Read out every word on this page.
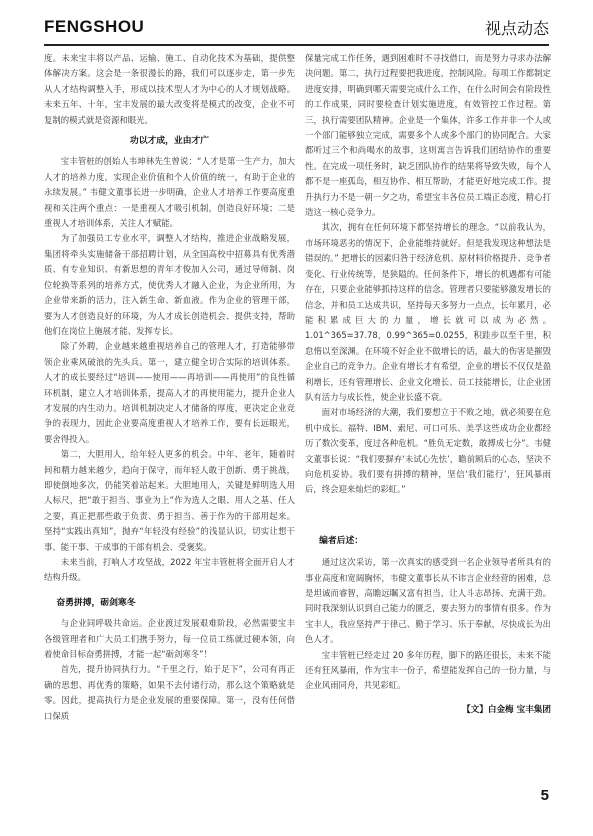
FENGSHOU	视点动态

度。未来宝丰将以产品、运输、施工、自动化技术为基础，提供整体解决方案。这会是一条很漫长的路，我们可以逐步走，第一步先从人才结构调整入手，形成以技术型人才为中心的人才规划战略。未来五年、十年，宝丰发展的最大改变将是模式的改变，企业不可复制的模式就是资源和眼光。

功以才成，业由才广

宝丰管桩的创始人韦坤林先生曾说：“人才是第一生产力，加大人才的培养力度，实现企业价值和个人价值的统一，有助于企业的永续发展。” 韦健文董事长进一步明确，企业人才培养工作要高度重视和关注两个重点：一是重视人才吸引机制，创造良好环境；二是重视人才培训体系，关注人才赋能。

为了加强员工专业水平，调整人才结构，推进企业战略发展，集团将牵头实施储备干部招聘计划，从全国高校中招募具有优秀潜质、有专业知识、有新思想的青年才俊加入公司，通过导师制、岗位轮换等系列的培养方式，使优秀人才融入企业，为企业所用，为企业带来新的活力，注入新生命、新血液。作为企业的管理干部，要为人才创造良好的环境，为人才成长创造机会、提供支持，帮助他们在岗位上施展才能、发挥专长。

除了外聘，企业越来越重视培养自己的管理人才，打造能够带领企业乘风破浪的先头兵。第一，建立健全切合实际的培训体系。人才的成长要经过“培训——使用——再培训——再使用”的良性循环机制，建立人才培训体系，提高人才的再使用能力，提升企业人才发展的内生动力。培训机制决定人才储备的厚度，更决定企业竞争的表现力，因此企业要高度重视人才培养工作，要有长远眼光，要舍得投入。

第二，大胆用人，给年轻人更多的机会。中年、老年，随着时间和精力越来越少，趋向于保守，而年轻人敢于创新、勇于挑战，即使倒地多次，仍能笑着站起来。大胆地用人，关键是鲜明选人用人标尺，把“敢于担当、事业为上”作为选人之眼、用人之基、任人之要，真正把那些敢于负责、勇于担当、善于作为的干部用起来。坚持“实践出真知”，抛弃“年轻没有经验”的浅显认识，切实让想干事、能干事、干成事的干部有机会、受褒奖。

未来当前，打响人才攻坚战，2022 年宝丰管桩将全面开启人才结构升级。

奋勇拼搏，砺剑寒冬

与企业同呼吸共命运。企业渡过发展艰难阶段，必然需要宝丰各级管理者和广大员工们携手努力，每一位员工练就过硬本领，向着使命目标奋勇拼搏，才能一起“砺剑寒冬”！

首先，提升协同执行力。“千里之行，始于足下”，公司有再正确的思想、再优秀的策略，如果不去付诸行动，那么这个策略就是零。因此，提高执行力是企业发展的重要保障。第一，没有任何借口保质

保量完成工作任务，遇到困难时不寻找借口，而是努力寻求办法解决问题。第二，执行过程要把我进度，控制风险。每项工作都制定进度安排，明确到哪天需要完成什么工作，在什么时间会有阶段性的工作成果，同时要检查计划实施进度，有效管控工作过程。第三，执行需要团队精神。企业是一个集体，许多工作并非一个人或一个部门能够独立完成，需要多个人或多个部门的协同配合。大家都听过三个和尚喝水的故事，这则寓言告诉我们团结协作的重要性。在完成一项任务时，缺乏团队协作的结果将导致失败，每个人都不是一座孤岛，相互协作、相互帮助，才能更好地完成工作。提升执行力不是一朝一夕之功，希望宝丰各位员工端正态度，精心打造这一核心竞争力。

其次，拥有在任何环境下都坚持增长的理念。“以前我认为，市场环境恶劣的情况下，企业能维持就好。但是我发现这种想法是错误的。” 把增长的因素归咎于经济危机、原材料价格提升、竞争者变化、行业传统等，是狭隘的。任何条件下，增长的机遇都有可能存在，只要企业能够抓持这样的信念。管理者只要能够激发增长的信念，并和员工达成共识，坚持每天多努力一点点，长年累月，必能积累成巨大的力量，增长就可以成为必然。1.01^365=37.78，0.99^365=0.0255，积跬步以至千里，积怠惰以至深渊。在环境不好企业不做增长的话，最大的伤害是摧毁企业自己的竞争力。企业有增长才有希望，企业的增长不仅仅是盈利增长，还有管理增长、企业文化增长、员工技能增长，让企业团队有活力与成长性，使企业长盛不衰。

面对市场经济的大潮，我们要想立于不败之地，就必须要在危机中成长。福特、IBM、索尼、可口可乐、美孚这些成功企业都经历了数次变革，度过各种危机。“胜负无定数，敢搏成七分”。韦健文董事长说：“我们要摒弃‘未试心先怯’，瞻前顾后的心态，坚决不向危机妥协。我们要有拼搏的精神，坚信‘我们能行’，狂风暴雨后，终会迎来灿烂的彩虹。”

编者后述：

通过这次采访，第一次真实的感受到一名企业领导者所具有的事业高度和宽阔胸怀，韦健文董事长从不讳言企业经营的困难，总是坦诚而睿智，高瞻远瞩又富有担当，让人斗志昂扬、充满干劲。同时我深刻认识到自己能力的匮乏，要去努力的事情有很多。作为宝丰人，我应坚持严于律己、勤于学习、乐于奉献，尽快成长为出色人才。

宝丰管桩已经走过 20 多年历程，脚下的路还很长，未来不能还有狂风暴雨，作为宝丰一份子，希望能发挥自己的一份力量，与企业风雨同舟，共见彩虹。

【文】白金梅 宝丰集团
5
